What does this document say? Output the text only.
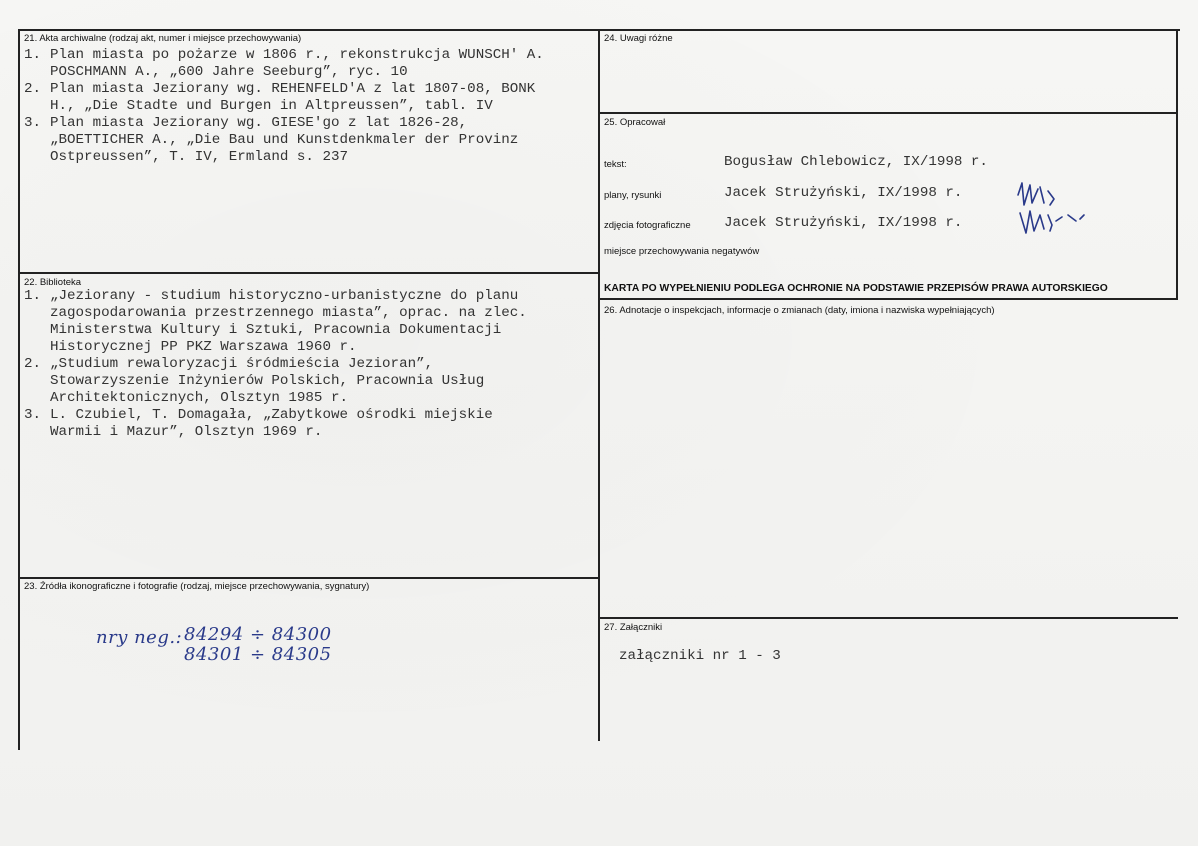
21. Akta archiwalne (rodzaj akt, numer i miejsce przechowywania)
1. Plan miasta po pożarze w 1806 r., rekonstrukcja WUNSCH' A.
POSCHMANN A., „600 Jahre Seeburg”, ryc. 10
2. Plan miasta Jeziorany wg. REHENFELD'A z lat 1807-08, BONK
H., „Die Stadte und Burgen in Altpreussen”, tabl. IV
3. Plan miasta Jeziorany wg. GIESE'go z lat 1826-28,
„BOETTICHER A., „Die Bau und Kunstdenkmaler der Provinz
Ostpreussen”, T. IV, Ermland s. 237
22. Biblioteka
1. „Jeziorany - studium historyczno-urbanistyczne do planu
zagospodarowania przestrzennego miasta”, oprac. na zlec.
Ministerstwa Kultury i Sztuki, Pracownia Dokumentacji
Historycznej PP PKZ Warszawa 1960 r.
2. „Studium rewaloryzacji śródmieścia Jezioran”,
Stowarzyszenie Inżynierów Polskich, Pracownia Usług
Architektonicznych, Olsztyn 1985 r.
3. L. Czubiel, T. Domagała, „Zabytkowe ośrodki miejskie
Warmii i Mazur”, Olsztyn 1969 r.
23. Źródła ikonograficzne i fotografie (rodzaj, miejsce przechowywania, sygnatury)
nry neg.: 84294 ÷ 84300
84301 ÷ 84305
24. Uwagi różne
25. Opracował
tekst:	Bogusław Chlebowicz, IX/1998 r.
plany, rysunki	Jacek Strużyński, IX/1998 r.
zdjęcia fotograficzne Jacek Strużyński, IX/1998 r.
miejsce przechowywania negatywów
KARTA PO WYPEŁNIENIU PODLEGA OCHRONIE NA PODSTAWIE PRZEPISÓW PRAWA AUTORSKIEGO
26. Adnotacje o inspekcjach, informacje o zmianach (daty, imiona i nazwiska wypełniających)
27. Załączniki
załączniki nr 1 - 3
